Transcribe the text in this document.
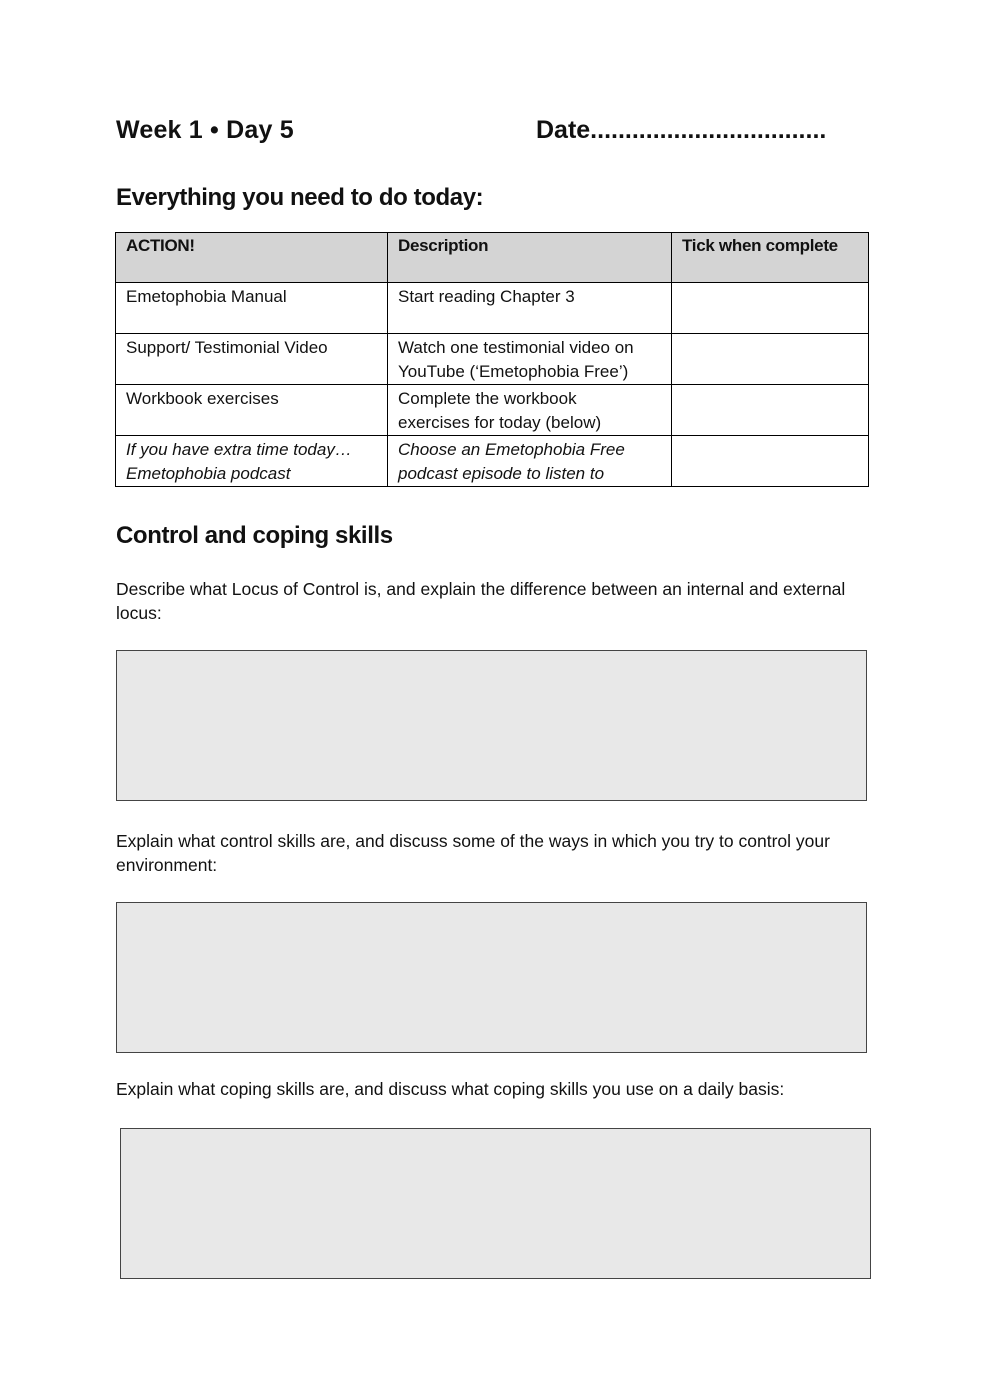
Week 1 • Day 5	Date..................................
Everything you need to do today:
ACTION!	Description	Tick when complete

Emetophobia Manual	Start reading Chapter 3	

Support/ Testimonial Video	Watch one testimonial video on
YouTube (‘Emetophobia Free’)	

Workbook exercises	Complete the workbook
exercises for today (below)	

If you have extra time today…
Emetophobia podcast	Choose an Emetophobia Free
podcast episode to listen to	

Control and coping skills
Describe what Locus of Control is, and explain the difference between an internal and external locus:
Explain what control skills are, and discuss some of the ways in which you try to control your environment:
Explain what coping skills are, and discuss what coping skills you use on a daily basis:
